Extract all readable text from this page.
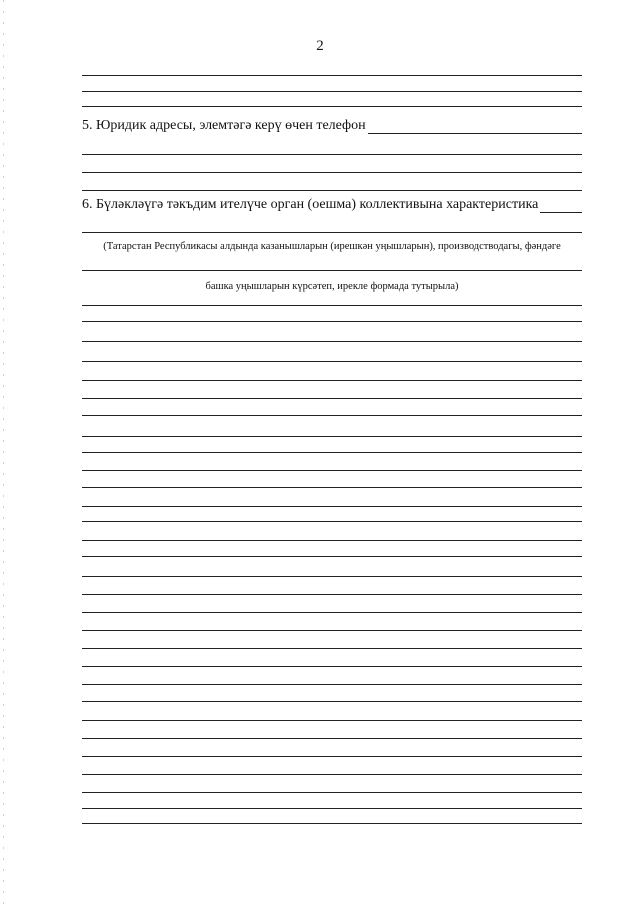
2
5. Юридик адресы, элемтәгә керү өчен телефон
6. Бүләкләүгә тәкъдим ителүче орган (оешма) коллективына характеристика
(Татарстан Республикасы алдында казанышларын (ирешкән уңышларын), производстводагы, фәндәге
башка уңышларын күрсәтеп, ирекле формада тутырыла)
